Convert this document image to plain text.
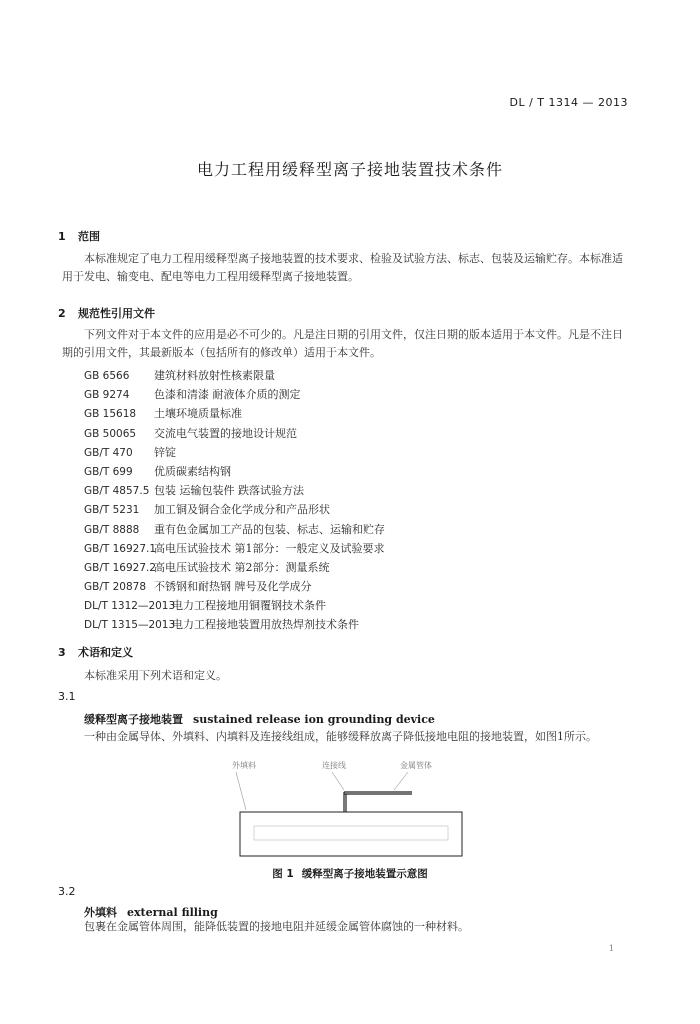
DL / T 1314 — 2013
电力工程用缓释型离子接地装置技术条件
1 范围
本标准规定了电力工程用缓释型离子接地装置的技术要求、检验及试验方法、标志、包装及运输贮存。本标准适用于发电、输变电、配电等电力工程用缓释型离子接地装置。
2 规范性引用文件
下列文件对于本文件的应用是必不可少的。凡是注日期的引用文件，仅注日期的版本适用于本文件。凡是不注日期的引用文件，其最新版本（包括所有的修改单）适用于本文件。
GB 6566 建筑材料放射性核素限量
GB 9274 色漆和清漆 耐液体介质的测定
GB 15618 土壤环境质量标准
GB 50065 交流电气装置的接地设计规范
GB/T 470 锌锭
GB/T 699 优质碳素结构钢
GB/T 4857.5 包装 运输包装件 跌落试验方法
GB/T 5231 加工铜及铜合金化学成分和产品形状
GB/T 8888 重有色金属加工产品的包装、标志、运输和贮存
GB/T 16927.1高电压试验技术 第1部分：一般定义及试验要求
GB/T 16927.2高电压试验技术 第2部分：测量系统
GB/T 20878 不锈钢和耐热钢 牌号及化学成分
DL/T 1312—2013电力工程接地用铜覆钢技术条件
DL/T 1315—2013电力工程接地装置用放热焊剂技术条件
3 术语和定义
本标准采用下列术语和定义。
3.1
缓释型离子接地装置 sustained release ion grounding device
一种由金属导体、外填料、内填料及连接线组成，能够缓释放离子降低接地电阻的接地装置，如图1所示。
外填料	连接线	金属管体
图 1 缓释型离子接地装置示意图
3.2
外填料 external filling
包裹在金属管体周围，能降低装置的接地电阻并延缓金属管体腐蚀的一种材料。
1
